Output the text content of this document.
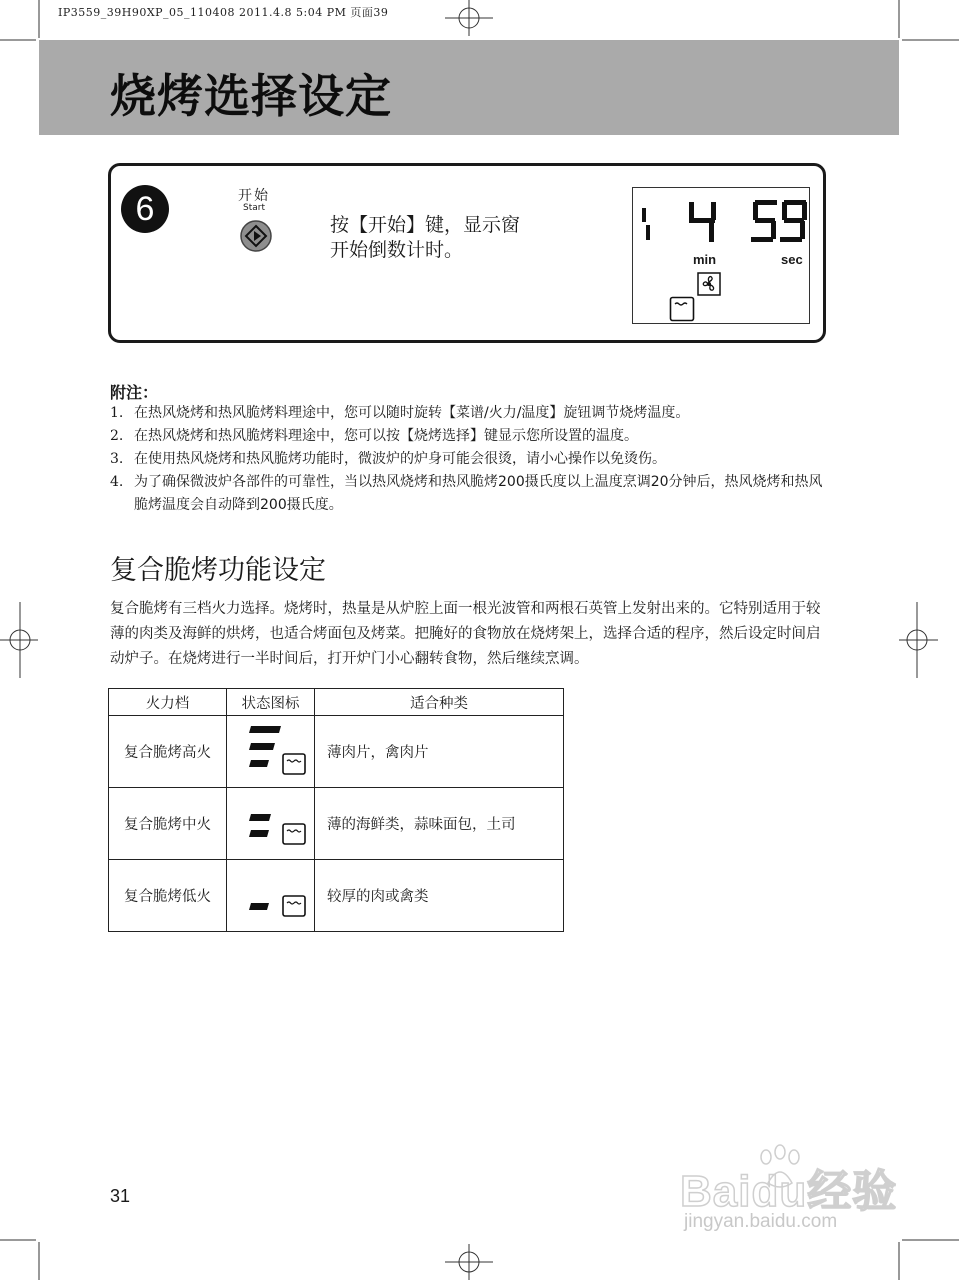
IP3559_39H90XP_05_110408 2011.4.8 5:04 PM 页面39
烧烤选择设定
6	开始
Start
按【开始】键，显示窗
开始倒数计时。	min	sec
附注：
1. 在热风烧烤和热风脆烤料理途中，您可以随时旋转【菜谱/火力/温度】旋钮调节烧烤温度。
2. 在热风烧烤和热风脆烤料理途中，您可以按【烧烤选择】键显示您所设置的温度。
3. 在使用热风烧烤和热风脆烤功能时，微波炉的炉身可能会很烫，请小心操作以免烫伤。
4. 为了确保微波炉各部件的可靠性，当以热风烧烤和热风脆烤200摄氏度以上温度烹调20分钟后，热风烧烤和热风脆烤温度会自动降到200摄氏度。
复合脆烤功能设定

复合脆烤有三档火力选择。烧烤时，热量是从炉腔上面一根光波管和两根石英管上发射出来的。它特别适用于较薄的肉类及海鲜的烘烤，也适合烤面包及烤菜。把腌好的食物放在烧烤架上，选择合适的程序，然后设定时间启动炉子。在烧烤进行一半时间后，打开炉门小心翻转食物，然后继续烹调。

火力档	状态图标	适合种类
复合脆烤高火		薄肉片，禽肉片
复合脆烤中火		薄的海鲜类，蒜味面包，土司
复合脆烤低火		较厚的肉或禽类
31	Baidu经验
jingyan.baidu.com
